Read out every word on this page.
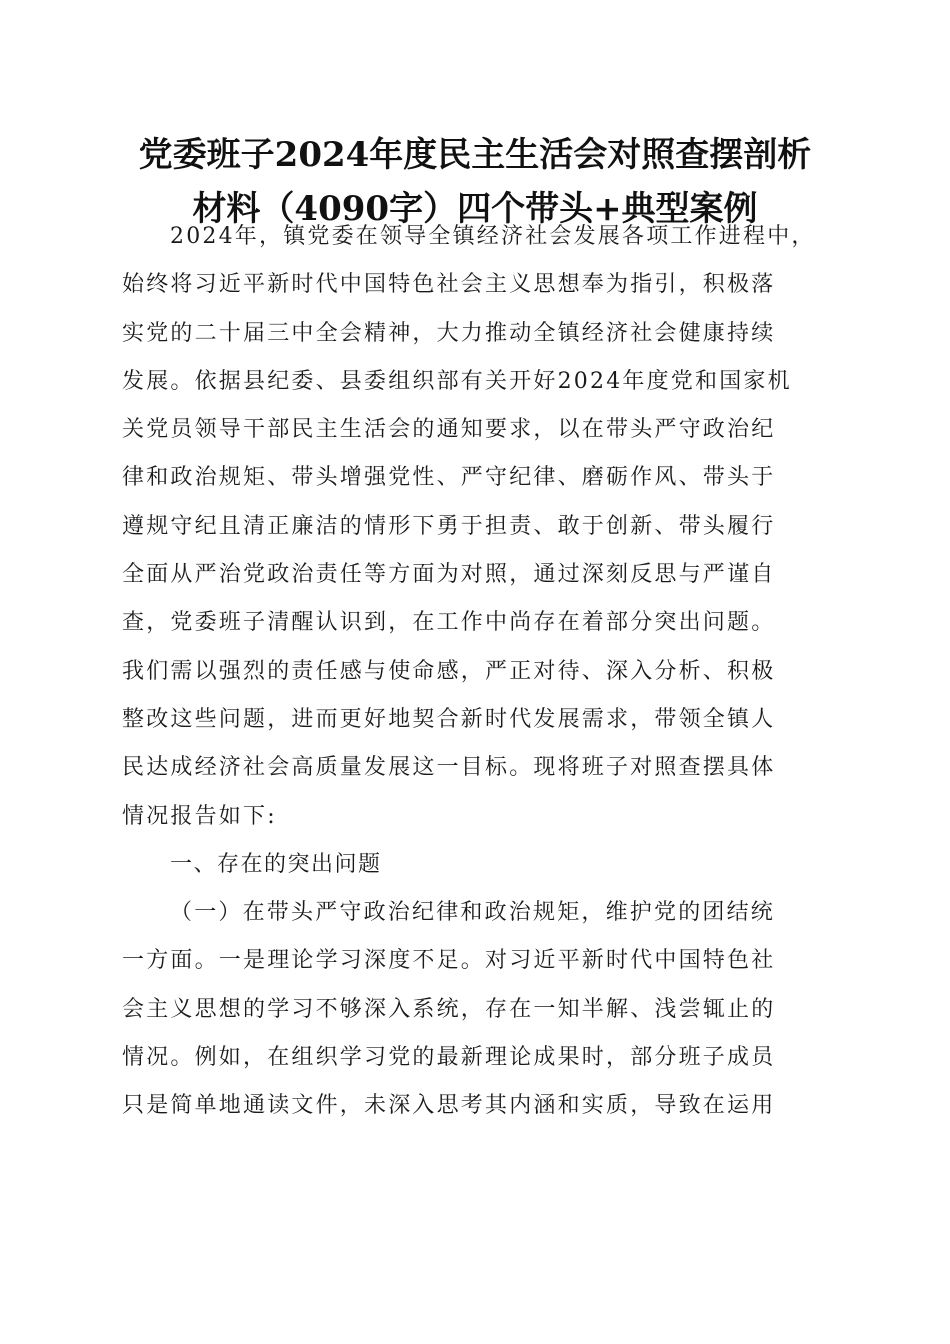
党委班子2024年度民主生活会对照查摆剖析
材料（4090字）四个带头+典型案例
2024年，镇党委在领导全镇经济社会发展各项工作进程中，
始终将习近平新时代中国特色社会主义思想奉为指引，积极落
实党的二十届三中全会精神，大力推动全镇经济社会健康持续
发展。依据县纪委、县委组织部有关开好2024年度党和国家机
关党员领导干部民主生活会的通知要求，以在带头严守政治纪
律和政治规矩、带头增强党性、严守纪律、磨砺作风、带头于
遵规守纪且清正廉洁的情形下勇于担责、敢于创新、带头履行
全面从严治党政治责任等方面为对照，通过深刻反思与严谨自
查，党委班子清醒认识到，在工作中尚存在着部分突出问题。
我们需以强烈的责任感与使命感，严正对待、深入分析、积极
整改这些问题，进而更好地契合新时代发展需求，带领全镇人
民达成经济社会高质量发展这一目标。现将班子对照查摆具体
情况报告如下:
一、存在的突出问题
（一）在带头严守政治纪律和政治规矩，维护党的团结统
一方面。一是理论学习深度不足。对习近平新时代中国特色社
会主义思想的学习不够深入系统，存在一知半解、浅尝辄止的
情况。例如，在组织学习党的最新理论成果时，部分班子成员
只是简单地通读文件，未深入思考其内涵和实质，导致在运用
